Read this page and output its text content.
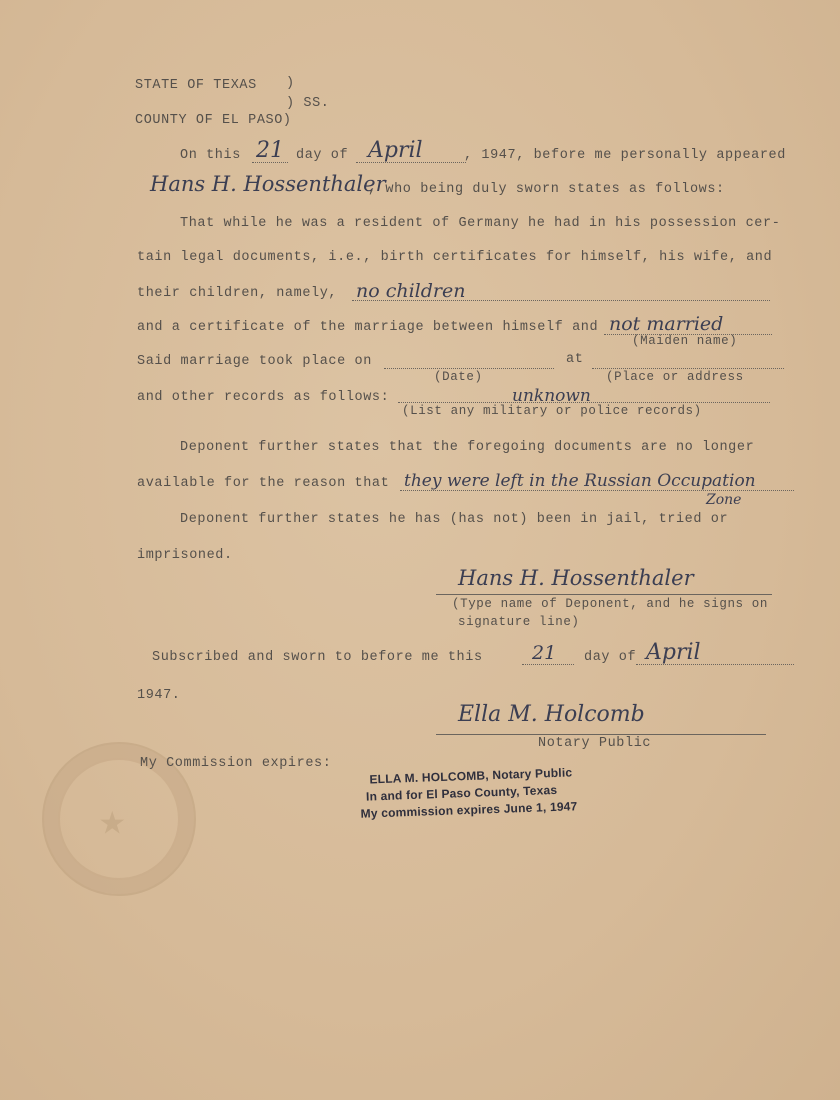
STATE OF TEXAS )
) SS.
COUNTY OF EL PASO)
On this 21 day of April	, 1947, before me personally appeared
Hans H. Hossenthaler
, who being duly sworn states as follows:
That while he was a resident of Germany he had in his possession cer-
tain legal documents, i.e., birth certificates for himself, his wife, and
their children, namely, no children
and a certificate of the marriage between himself and not married
(Maiden name)
Said marriage took place on	at
(Date)	(Place or address
and other records as follows:	unknown
(List any military or police records)
Deponent further states that the foregoing documents are no longer
available for the reason that they were left in the Russian Occupation
Zone
Deponent further states he has (has not) been in jail, tried or
imprisoned.
Hans H. Hossenthaler
(Type name of Deponent, and he signs on
signature line)
Subscribed and sworn to before me this	21 day of April
1947.
Ella M. Holcomb
Notary Public
★
My Commission expires:
ELLA M. HOLCOMB, Notary Public
In and for El Paso County, Texas
My commission expires June 1, 1947
